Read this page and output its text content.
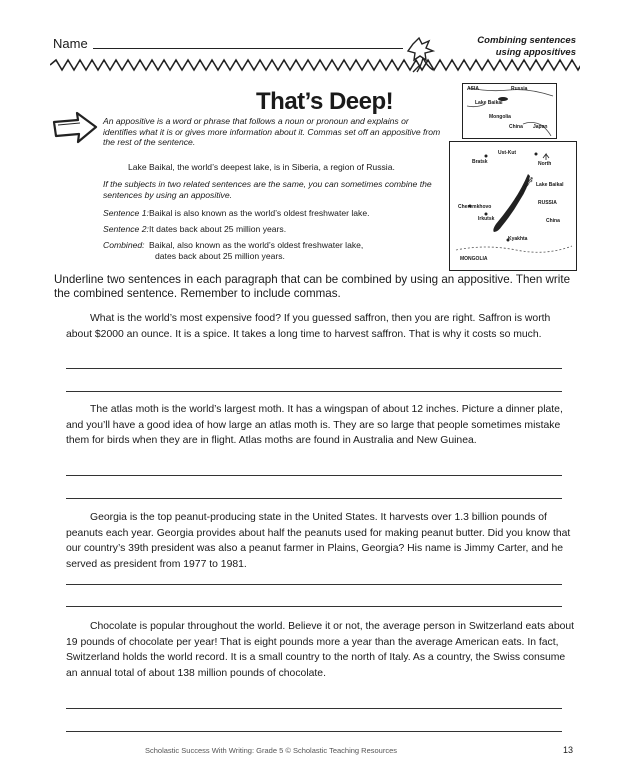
Name	Combining sentences
using appositives
That’s Deep!
An appositive is a word or phrase that follows a noun or pronoun and explains or identifies what it is or gives more information about it. Commas set off an appositive from the rest of the sentence.
Lake Baikal, the world’s deepest lake, is in Siberia, a region of Russia.
If the subjects in two related sentences are the same, you can sometimes combine the sentences by using an appositive.
Sentence 1:Baikal is also known as the world’s oldest freshwater lake.
Sentence 2:It dates back about 25 million years.
Combined: Baikal, also known as the world’s oldest freshwater lake,
dates back about 25 million years.
ASIA	Russia
Lake Baikal
Mongolia
China Japan
Ust-Kut
Bratsk	North
Lake Baikal
Cheremkhovo
RUSSIA
Irkutsk	China
Kyakhta
MONGOLIA
Baikal Range
Underline two sentences in each paragraph that can be combined by using an appositive. Then write the combined sentence. Remember to include commas.
What is the world’s most expensive food? If you guessed saffron, then you are right. Saffron is worth about $2000 an ounce. It is a spice. It takes a long time to harvest saffron. That is why it costs so much.
The atlas moth is the world’s largest moth. It has a wingspan of about 12 inches. Picture a dinner plate, and you’ll have a good idea of how large an atlas moth is. They are so large that people sometimes mistake them for birds when they are in flight. Atlas moths are found in Australia and New Guinea.
Georgia is the top peanut-producing state in the United States. It harvests over 1.3 billion pounds of peanuts each year. Georgia provides about half the peanuts used for making peanut butter. Did you know that our country’s 39th president was also a peanut farmer in Plains, Georgia? His name is Jimmy Carter, and he served as president from 1977 to 1981.
Chocolate is popular throughout the world. Believe it or not, the average person in Switzerland eats about 19 pounds of chocolate per year! That is eight pounds more a year than the average American eats. In fact, Switzerland holds the world record. It is a small country to the north of Italy. As a country, the Swiss consume an annual total of about 138 million pounds of chocolate.
Scholastic Success With Writing: Grade 5 © Scholastic Teaching Resources	13
